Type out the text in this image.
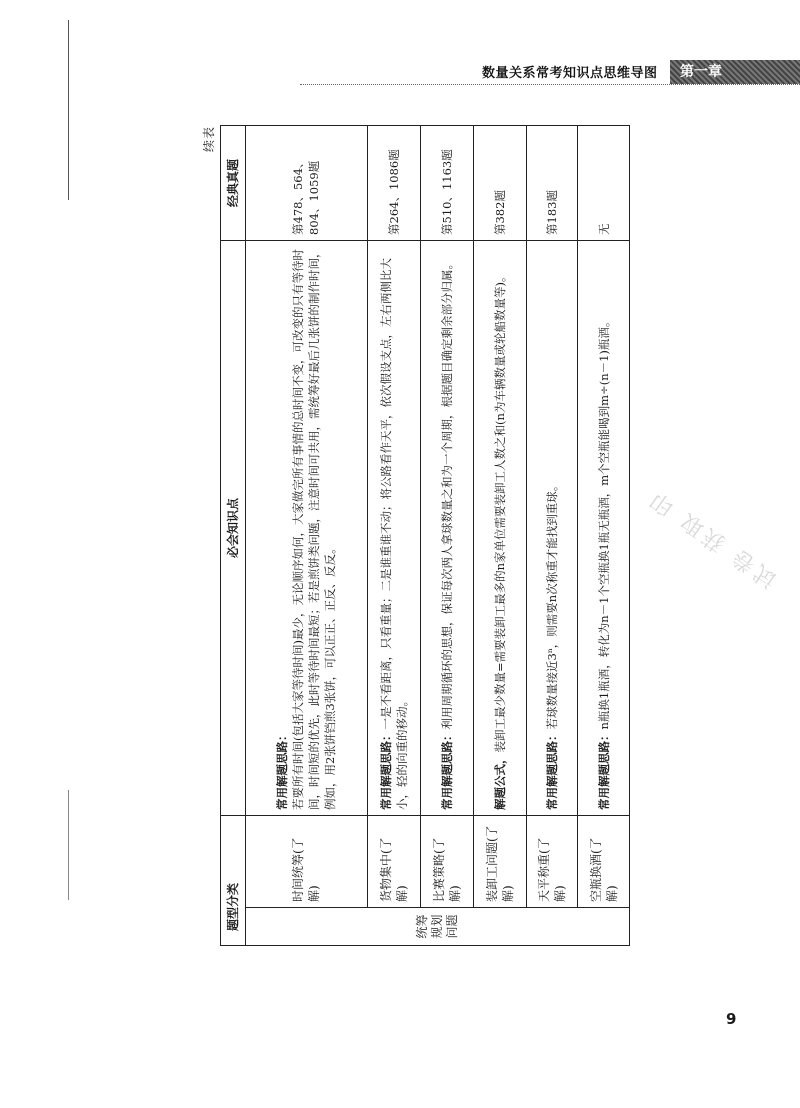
数量关系常考知识点思维导图	第一章
续表
试卷 获取 印
题型分类		必会知识点	经典真题
统筹规划问题	时间统筹(了解)	常用解题思路： 若要所有时间(包括大家等待时间)最少，无论顺序如何，大家做完所有事情的总时间不变，可改变的只有等待时间，时间短的优先，此时等待时间最短；若是煎饼类问题，注意时间可共用，需统筹好最后几张饼的制作时间，例如，用2张饼铛煎3张饼，可以正正、正反、反反。	第478、564、804、1059题
	货物集中(了解)	常用解题思路：一是不看距离，只看重量；二是谁重谁不动；将公路看作天平，依次假设支点，左右两侧比大小，轻的向重的移动。	第264、1086题
	比赛策略(了解)	常用解题思路：利用周期循环的思想，保证每次两人拿球数量之和为一个周期，根据题目确定剩余部分归属。	第510、1163题
	装卸工问题(了解)	解题公式，装卸工最少数量=需要装卸工最多的n家单位需要装卸工人数之和(n为车辆数量或轮船数量等)。	第382题
	天平称重(了解)	常用解题思路：若球数量接近3ⁿ，则需要n次称重才能找到重球。	第183题
	空瓶换酒(了解)	常用解题思路：n瓶换1瓶酒，转化为n－1个空瓶换1瓶无瓶酒，m个空瓶能喝到m÷(n－1)瓶酒。	无
9
